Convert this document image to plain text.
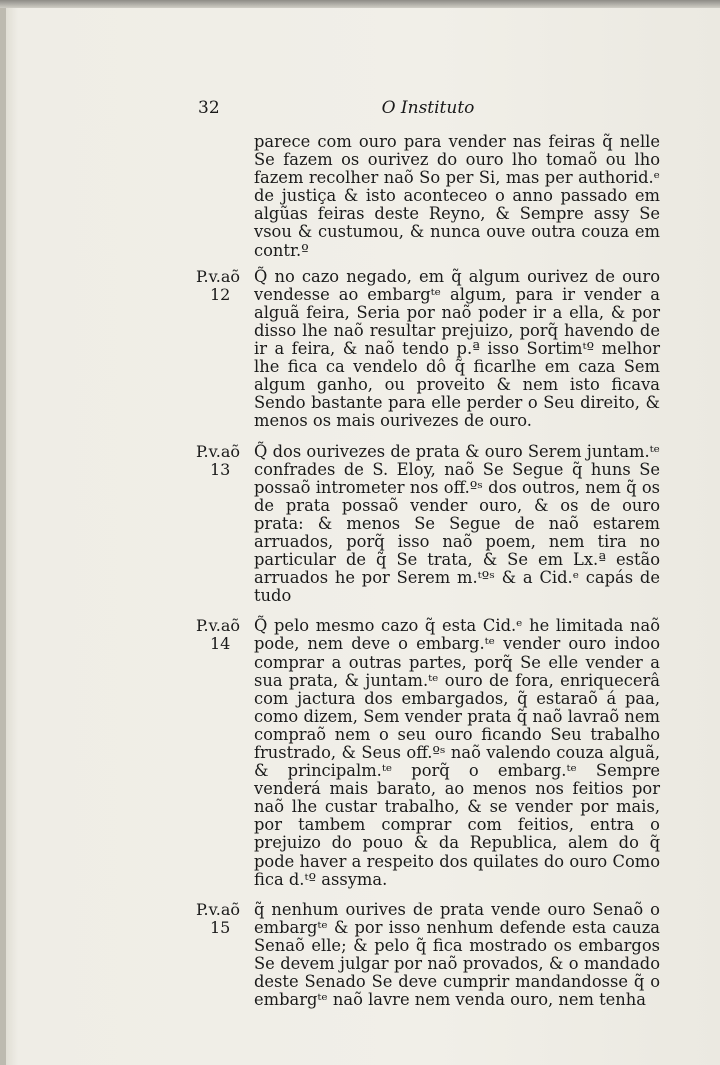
32	O Instituto

parece com ouro para vender nas feiras q̃ nelle Se fazem os ourivez do ouro lho tomaõ ou lho fazem recolher naõ So per Si, mas per authorid.ᵉ de justiça & isto aconteceo o anno passado em algũas feiras deste Reyno, & Sempre assy Se vsou & custumou, & nunca ouve outra couza em contr.º

P.v.aõ
12
Q̃ no cazo negado, em q̃ algum ourivez de ouro vendesse ao embargᵗᵉ algum, para ir vender a alguã feira, Seria por naõ poder ir a ella, & por disso lhe naõ resultar prejuizo, porq̃ havendo de ir a feira, & naõ tendo p.ª isso Sortimᵗº melhor lhe fica ca vendelo dô q̃ ficarlhe em caza Sem algum ganho, ou proveito & nem isto ficava Sendo bastante para elle perder o Seu direito, & menos os mais ourivezes de ouro.

P.v.aõ
13
Q̃ dos ourivezes de prata & ouro Serem juntam.ᵗᵉ confrades de S. Eloy, naõ Se Segue q̃ huns Se possaõ intrometer nos off.ºˢ dos outros, nem q̃ os de prata possaõ vender ouro, & os de ouro prata: & menos Se Segue de naõ estarem arruados, porq̃ isso naõ poem, nem tira no particular de q̃ Se trata, & Se em Lx.ª estão arruados he por Serem m.ᵗºˢ & a Cid.ᵉ capás de tudo

P.v.aõ
14
Q̃ pelo mesmo cazo q̃ esta Cid.ᵉ he limitada naõ pode, nem deve o embarg.ᵗᵉ vender ouro indoo comprar a outras partes, porq̃ Se elle vender a sua prata, & juntam.ᵗᵉ ouro de fora, enriquecerâ com jactura dos embargados, q̃ estaraõ á paa, como dizem, Sem vender prata q̃ naõ lavraõ nem compraõ nem o seu ouro ficando Seu trabalho frustrado, & Seus off.ºˢ naõ valendo couza alguã, & principalm.ᵗᵉ porq̃ o embarg.ᵗᵉ Sempre venderá mais barato, ao menos nos feitios por naõ lhe custar trabalho, & se vender por mais, por tambem comprar com feitios, entra o prejuizo do pouo & da Republica, alem do q̃ pode haver a respeito dos quilates do ouro Como fica d.ᵗº assyma.

P.v.aõ
15
q̃ nenhum ourives de prata vende ouro Senaõ o embargᵗᵉ & por isso nenhum defende esta cauza Senaõ elle; & pelo q̃ fica mostrado os embargos Se devem julgar por naõ provados, & o mandado deste Senado Se deve cumprir mandandosse q̃ o embargᵗᵉ naõ lavre nem venda ouro, nem tenha
